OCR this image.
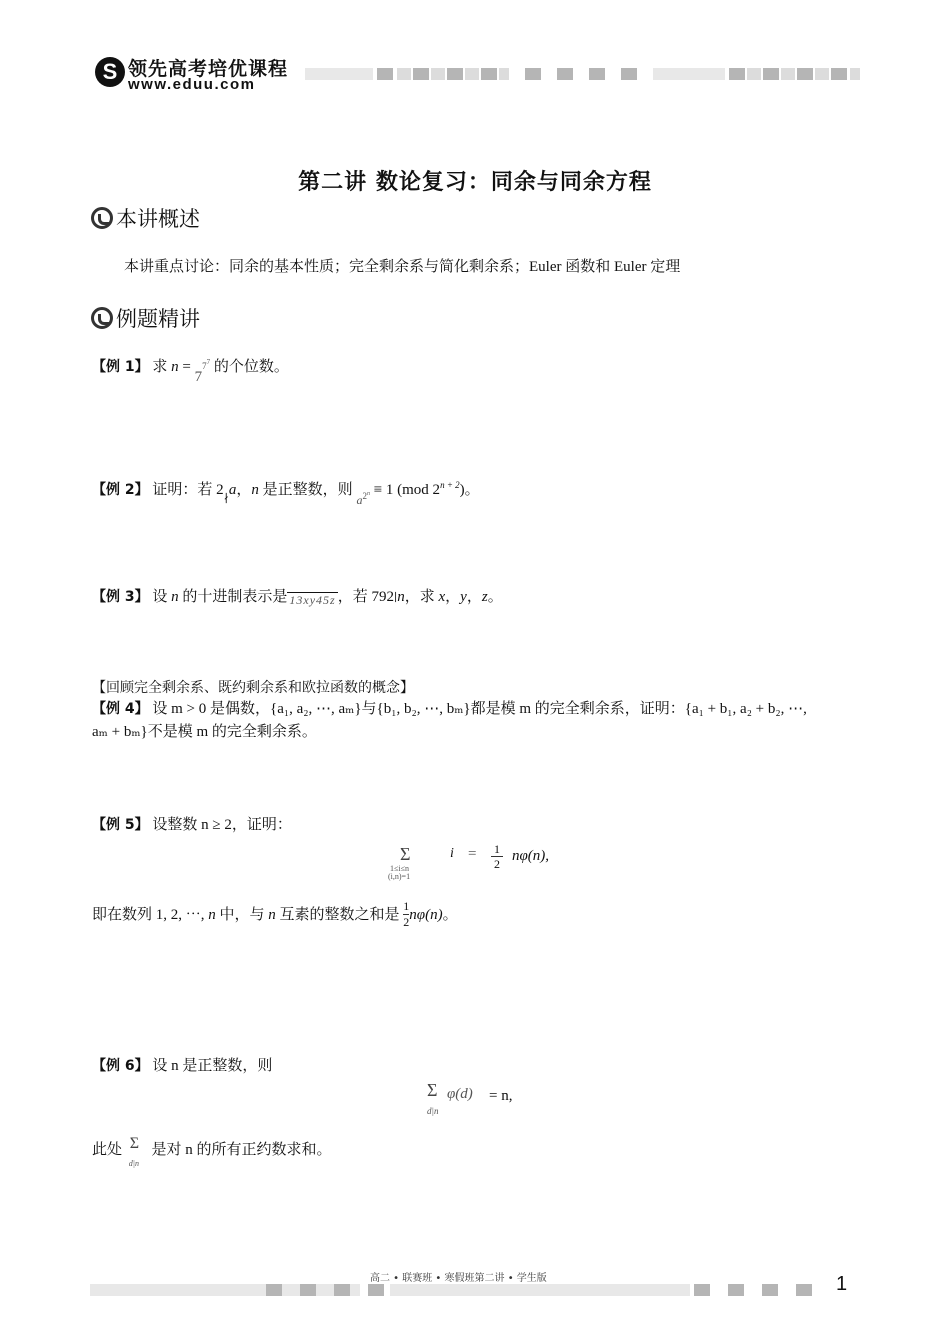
S 领先高考培优课程
www.eduu.com
第二讲 数论复习：同余与同余方程
本讲概述
本讲重点讨论：同余的基本性质；完全剩余系与简化剩余系；Euler 函数和 Euler 定理
例题精讲
【例 1】 求 $n = 77^7$ 的个位数。
【例 2】 证明：若 $2_∤a$，n 是正整数，则 $_{a^{2^n}}$ ≡ 1 (mod $2^{n + 2}$)。
【例 3】 设 n 的十进制表示是 $_{13xy45z}$ ，若 792∣n，求 x，y，z。
【回顾完全剩余系、既约剩余系和欧拉函数的概念】
【例 4】 设 m > 0 是偶数，{a₁, a₂, ⋯, aₘ}与{b₁, b₂, ⋯, bₘ}都是模 m 的完全剩余系，证明：{a₁ + b₁, a₂ + b₂, ⋯,
aₘ + bₘ}不是模 m 的完全剩余系。
【例 5】 设整数 n ≥ 2，证明：
Σ
1≤i≤n
(i,n)=1
i = 1
2 nφ(n),
即在数列 1, 2, ⋯, n 中，与 n 互素的整数之和是 $\frac{1}{2} n\varphi(n)$。
【例 6】 设 n 是正整数，则
Σ
d|n
φ(d) = n,
此处 Σ
d|n
是对 n 的所有正约数求和。
高二 • 联赛班 • 寒假班第二讲 • 学生版	1
